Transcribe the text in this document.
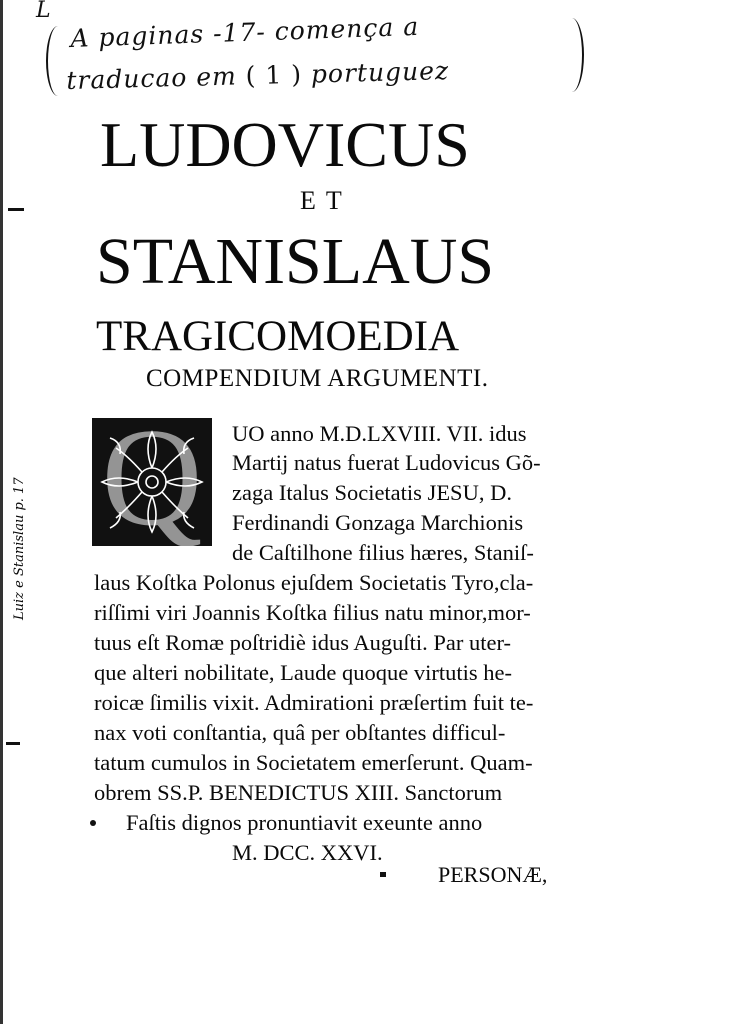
L
A paginas -17- comença a
traducao em ( 1 ) portuguez
LUDOVICUS
ET
STANISLAUS
TRAGICOMOEDIA
COMPENDIUM ARGUMENTI.
Luiz e Stanislau p. 17 Q	UO anno M.D.LXVIII. VII. idus
Martij natus fuerat Ludovicus Gõ-
zaga Italus Societatis JESU, D.
Ferdinandi Gonzaga Marchionis
de Caſtilhone filius hæres, Staniſ-
laus Koſtka Polonus ejuſdem Societatis Tyro,cla-
riſſimi viri Joannis Koſtka filius natu minor,mor-
tuus eſt Romæ poſtridiè idus Auguſti. Par uter-
que alteri nobilitate, Laude quoque virtutis he-
roicæ ſimilis vixit. Admirationi præſertim fuit te-
nax voti conſtantia, quâ per obſtantes difficul-
tatum cumulos in Societatem emerſerunt. Quam-
obrem SS.P. BENEDICTUS XIII. Sanctorum
Faſtis dignos pronuntiavit exeunte anno
M. DCC. XXVI.
PERSONÆ,
